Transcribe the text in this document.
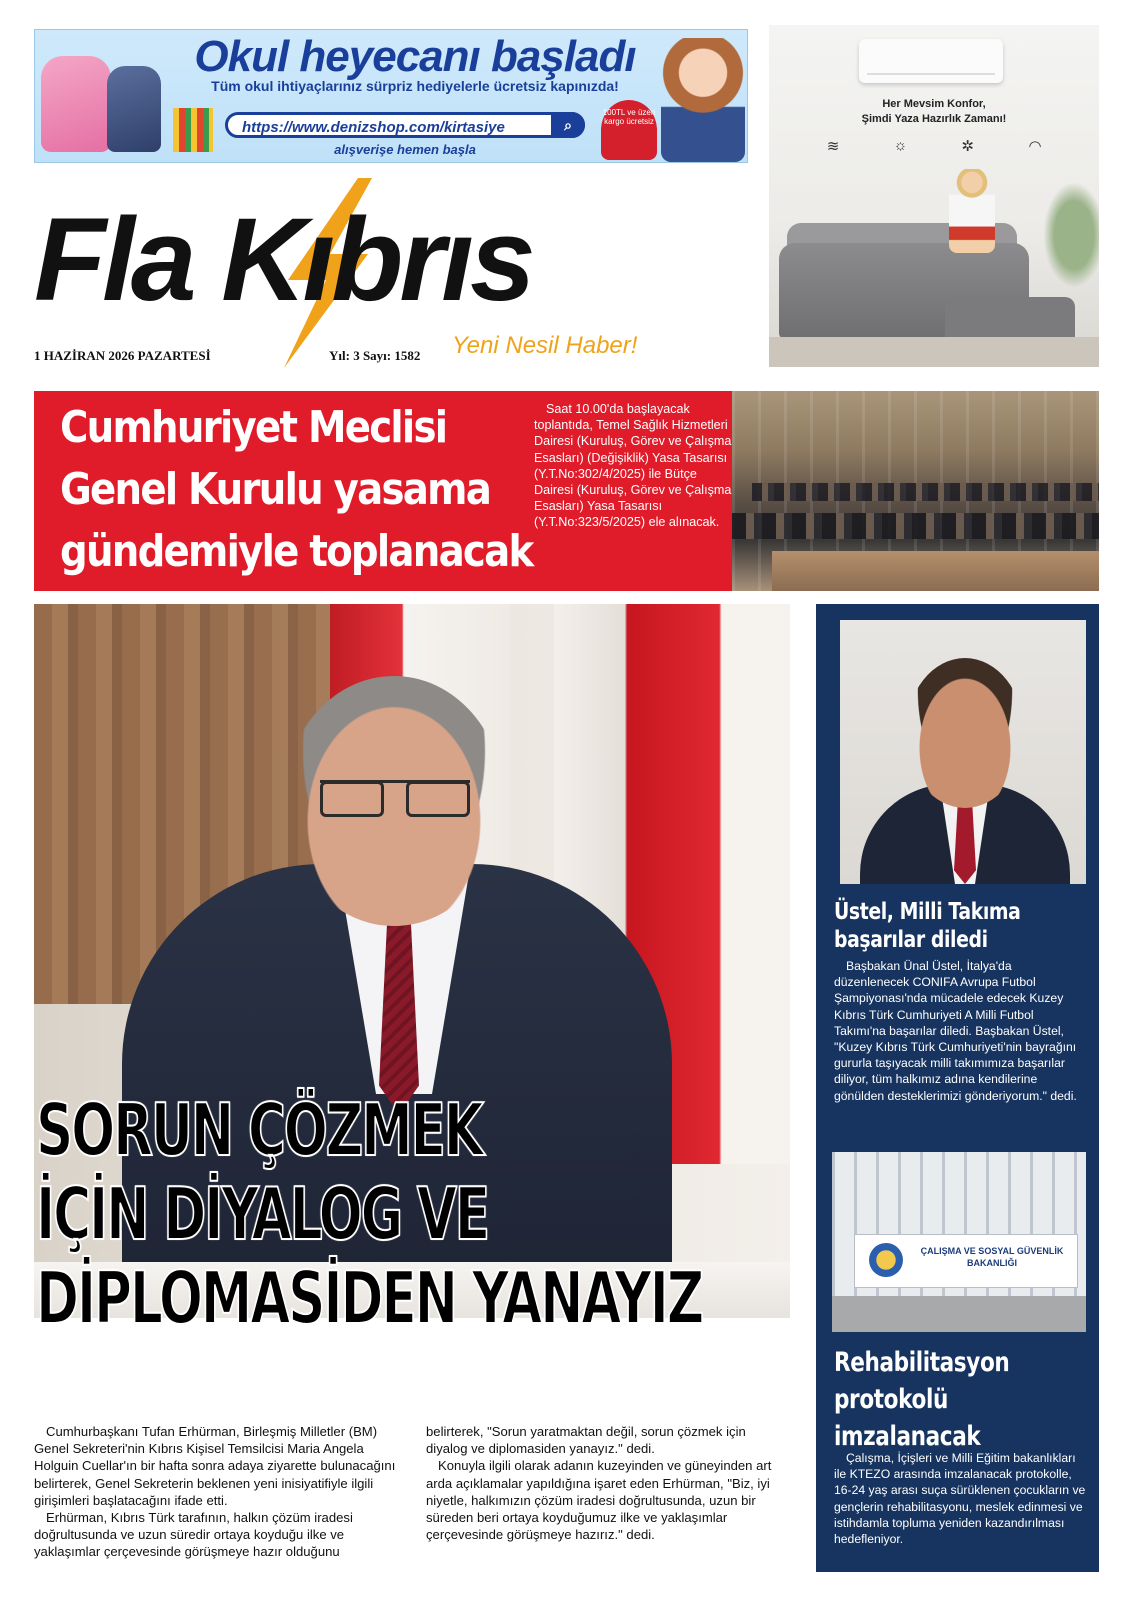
Okul heyecanı başladı
Tüm okul ihtiyaçlarınız sürpriz hediyelerle ücretsiz kapınızda!
https://www.denizshop.com/kirtasiye	⌕
alışverişe hemen başla
100TL ve üzeri kargo ücretsiz
Her Mevsim Konfor,
Şimdi Yaza Hazırlık Zamanı!
≋	☼	✲	◠
Fla Kıbrıs
Yeni Nesil Haber!
1 HAZİRAN 2026 PAZARTESİ	Yıl: 3 Sayı: 1582
Cumhuriyet Meclisi
Genel Kurulu yasama
gündemiyle toplanacak
Saat 10.00'da başlayacak toplantıda, Temel Sağlık Hizmetleri Dairesi (Kuruluş, Görev ve Çalışma Esasları) (Değişiklik) Yasa Tasarısı (Y.T.No:302/4/2025) ile Bütçe Dairesi (Kuruluş, Görev ve Çalışma Esasları) Yasa Tasarısı (Y.T.No:323/5/2025) ele alınacak.
SORUN ÇÖZMEK
İÇİN DİYALOG VE
DİPLOMASİDEN YANAYIZ

Cumhurbaşkanı Tufan Erhürman, Birleşmiş Milletler (BM) Genel Sekreteri'nin Kıbrıs Kişisel Temsilcisi Maria Angela Holguin Cuellar'ın bir hafta sonra adaya ziyarette bulunacağını belirterek, Genel Sekreterin beklenen yeni inisiyatifiyle ilgili girişimleri başlatacağını ifade etti.

Erhürman, Kıbrıs Türk tarafının, halkın çözüm iradesi doğrultusunda ve uzun süredir ortaya koyduğu ilke ve yaklaşımlar çerçevesinde görüşmeye hazır olduğunu belirterek, "Sorun yaratmaktan değil, sorun çözmek için diyalog ve diplomasiden yanayız." dedi.

Konuyla ilgili olarak adanın kuzeyinden ve güneyinden art arda açıklamalar yapıldığına işaret eden Erhürman, "Biz, iyi niyetle, halkımızın çözüm iradesi doğrultusunda, uzun bir süreden beri ortaya koyduğumuz ilke ve yaklaşımlar çerçevesinde görüşmeye hazırız." dedi.

Üstel, Milli Takıma başarılar diledi
Başbakan Ünal Üstel, İtalya'da düzenlenecek CONIFA Avrupa Futbol Şampiyonası'nda mücadele edecek Kuzey Kıbrıs Türk Cumhuriyeti A Milli Futbol Takımı'na başarılar diledi. Başbakan Üstel, "Kuzey Kıbrıs Türk Cumhuriyeti'nin bayrağını gururla taşıyacak milli takımımıza başarılar diliyor, tüm halkımız adına kendilerine gönülden desteklerimizi gönderiyorum." dedi.
ÇALIŞMA VE SOSYAL GÜVENLİK BAKANLIĞI
Rehabilitasyon
protokolü
imzalanacak
Çalışma, İçişleri ve Milli Eğitim bakanlıkları ile KTEZO arasında imzalanacak protokolle, 16-24 yaş arası suça sürüklenen çocukların ve gençlerin rehabilitasyonu, meslek edinmesi ve istihdamla topluma yeniden kazandırılması hedefleniyor.
